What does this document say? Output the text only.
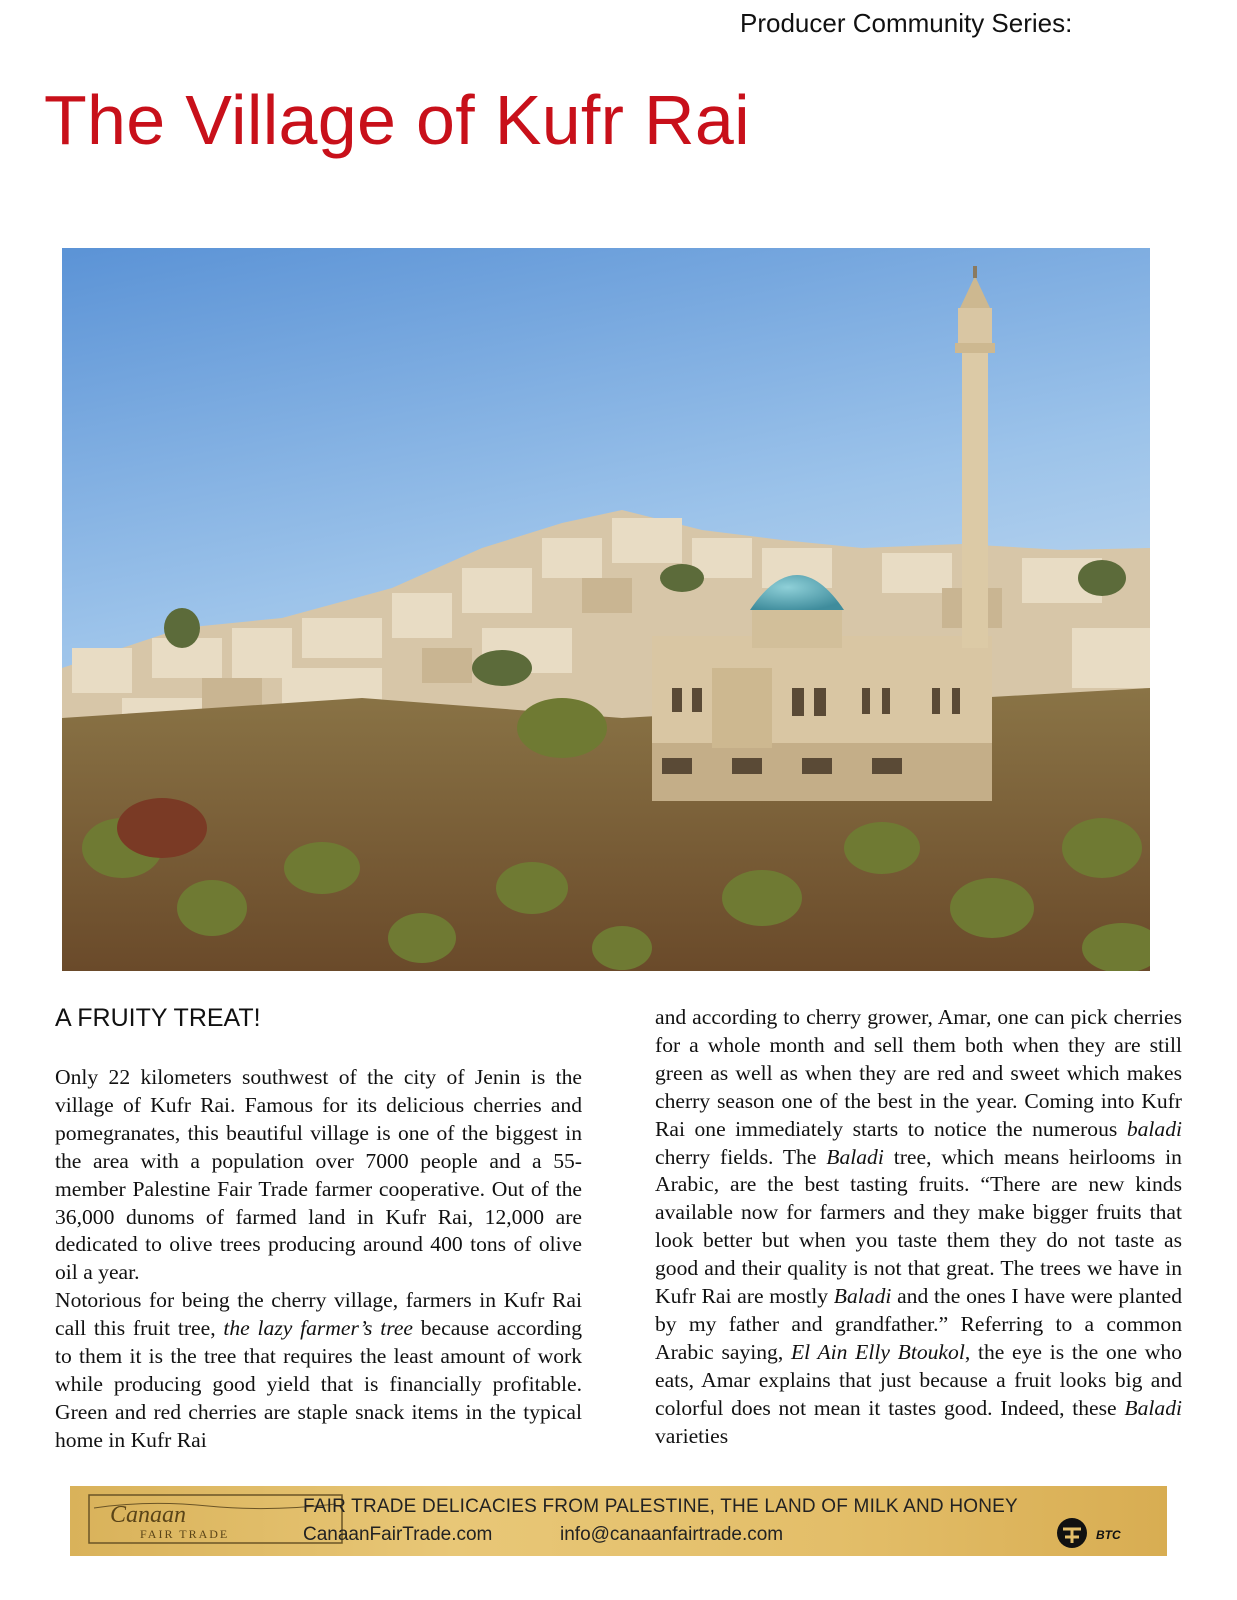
Producer Community Series:
The Village of Kufr Rai
A FRUITY TREAT!

Only 22 kilometers southwest of the city of Jenin is the village of Kufr Rai. Famous for its delicious cherries and pomegranates, this beautiful village is one of the biggest in the area with a population over 7000 people and a 55-member Palestine Fair Trade farmer cooperative. Out of the 36,000 dunoms of farmed land in Kufr Rai, 12,000 are dedicated to olive trees producing around 400 tons of olive oil a year.

Notorious for being the cherry village, farmers in Kufr Rai call this fruit tree, the lazy farmer’s tree because according to them it is the tree that requires the least amount of work while producing good yield that is financially profitable. Green and red cherries are staple snack items in the typical home in Kufr Rai

and according to cherry grower, Amar, one can pick cherries for a whole month and sell them both when they are still green as well as when they are red and sweet which makes cherry season one of the best in the year. Coming into Kufr Rai one immediately starts to notice the numerous baladi cherry fields. The Baladi tree, which means heirlooms in Arabic, are the best tasting fruits. “There are new kinds available now for farmers and they make bigger fruits that look better but when you taste them they do not taste as good and their quality is not that great. The trees we have in Kufr Rai are mostly Baladi and the ones I have were planted by my father and grandfather.” Referring to a common Arabic saying, El Ain Elly Btoukol, the eye is the one who eats, Amar explains that just because a fruit looks big and colorful does not mean it tastes good. Indeed, these Baladi varieties

Canaan
FAIR TRADE
FAIR TRADE DELICACIES FROM PALESTINE, THE LAND OF MILK AND HONEY
CanaanFairTrade.com	info@canaanfairtrade.com	BTC
